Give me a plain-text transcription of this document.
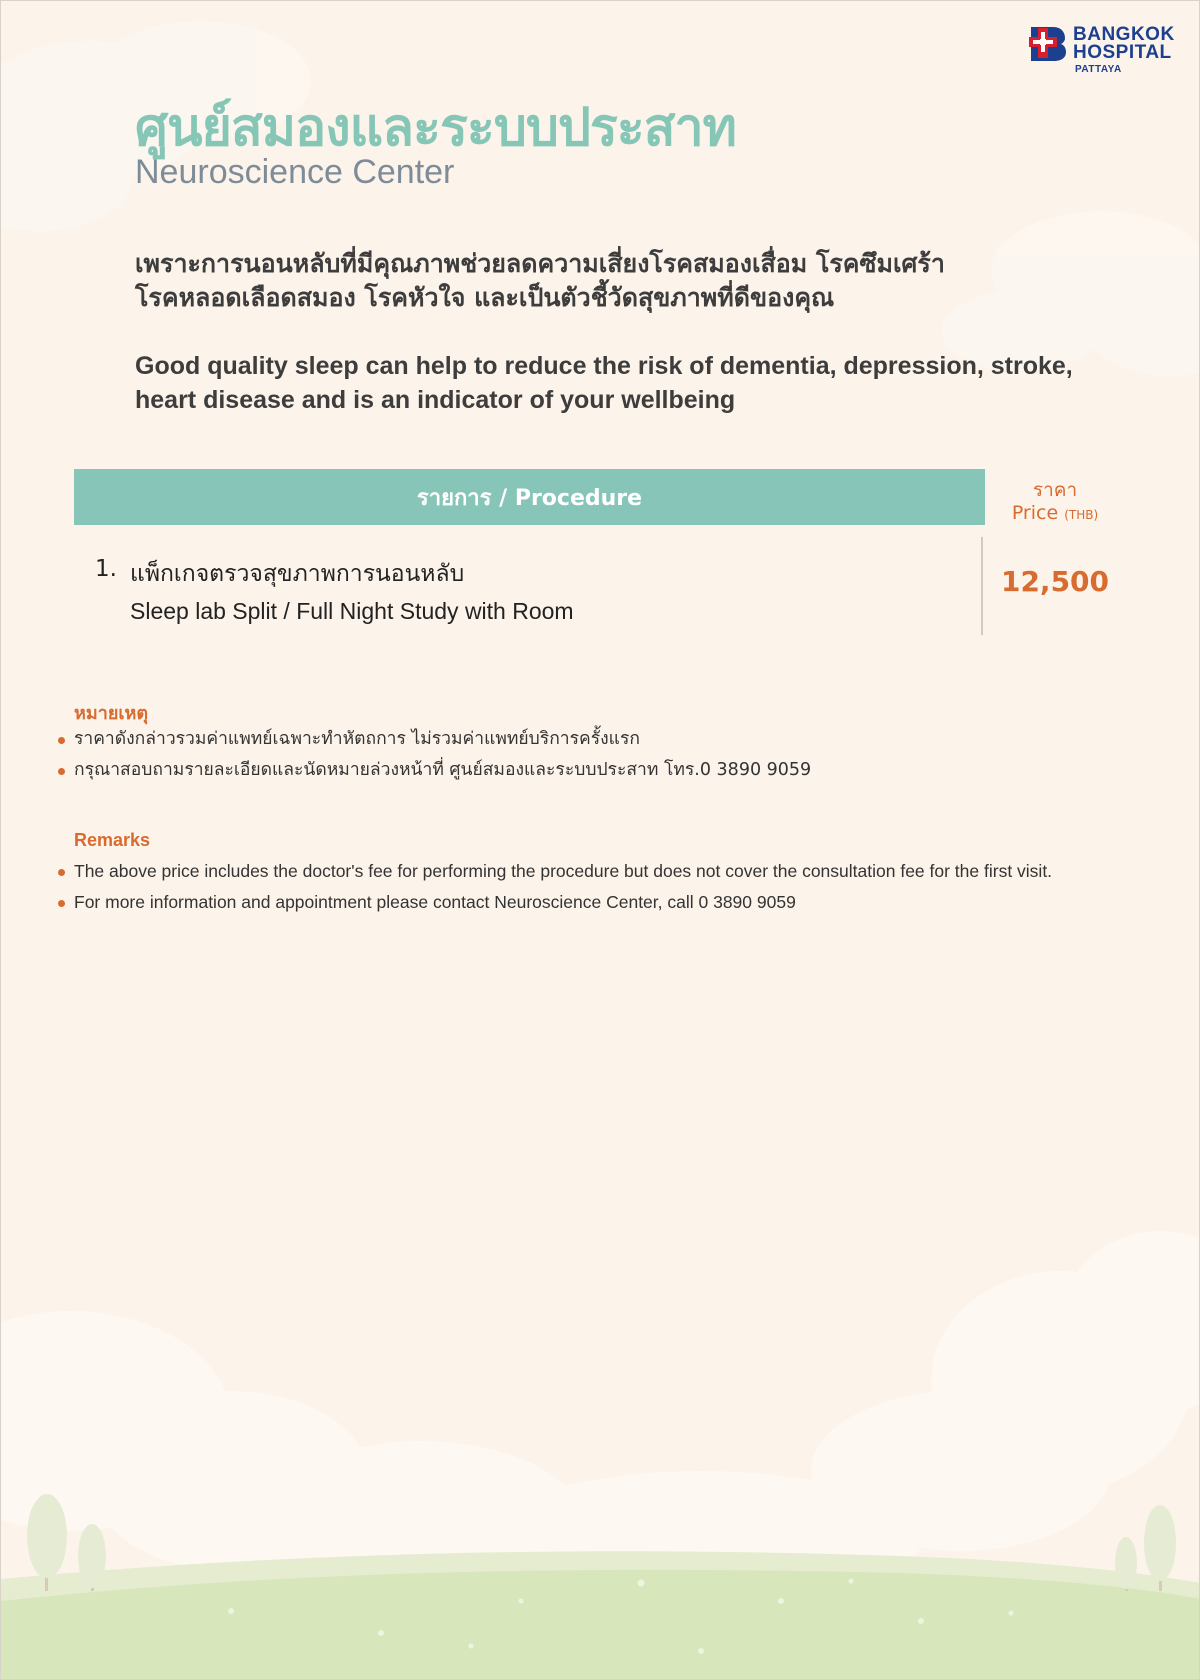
BANGKOK
HOSPITAL
PATTAYA
ศูนย์สมองและระบบประสาท
Neuroscience Center
เพราะการนอนหลับที่มีคุณภาพช่วยลดความเสี่ยงโรคสมองเสื่อม โรคซึมเศร้า
โรคหลอดเลือดสมอง โรคหัวใจ และเป็นตัวชี้วัดสุขภาพที่ดีของคุณ
Good quality sleep can help to reduce the risk of dementia, depression, stroke,
heart disease and is an indicator of your wellbeing
รายการ / Procedure	ราคา
Price (THB)
1. แพ็กเกจตรวจสุขภาพการนอนหลับ
Sleep lab Split / Full Night Study with Room
12,500
หมายเหตุ
ราคาดังกล่าวรวมค่าแพทย์เฉพาะทำหัตถการ ไม่รวมค่าแพทย์บริการครั้งแรก
กรุณาสอบถามรายละเอียดและนัดหมายล่วงหน้าที่ ศูนย์สมองและระบบประสาท โทร.0 3890 9059
Remarks
The above price includes the doctor's fee for performing the procedure but does not cover the consultation fee for the first visit.
For more information and appointment please contact Neuroscience Center, call 0 3890 9059
